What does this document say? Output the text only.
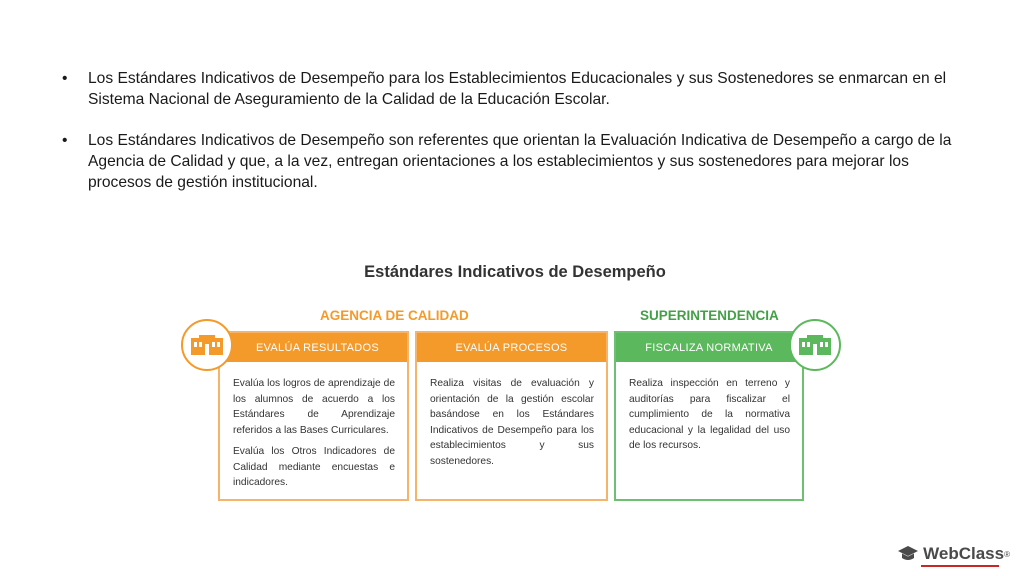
•	Los Estándares Indicativos de Desempeño para los Establecimientos Educacionales y sus Sostenedores se enmarcan en el Sistema Nacional de Aseguramiento de la Calidad de la Educación Escolar.
•	Los Estándares Indicativos de Desempeño son referentes que orientan la Evaluación Indicativa de Desempeño a cargo de la Agencia de Calidad y que, a la vez, entregan orientaciones a los establecimientos y sus sostenedores para mejorar los procesos de gestión institucional.
Estándares Indicativos de Desempeño
AGENCIA DE CALIDAD	SUPERINTENDENCIA
EVALÚA RESULTADOS

Evalúa los logros de aprendizaje de los alumnos de acuerdo a los Estándares de Aprendizaje referidos a las Bases Curriculares.

Evalúa los Otros Indicadores de Calidad mediante encuestas e indicadores.

EVALÚA PROCESOS

Realiza visitas de evaluación y orientación de la gestión escolar basándose en los Estándares Indicativos de Desempeño para los establecimientos y sus sostenedores.

FISCALIZA NORMATIVA

Realiza inspección en terreno y auditorías para fiscalizar el cumplimiento de la normativa educacional y la legalidad del uso de los recursos.

WebClass ®
